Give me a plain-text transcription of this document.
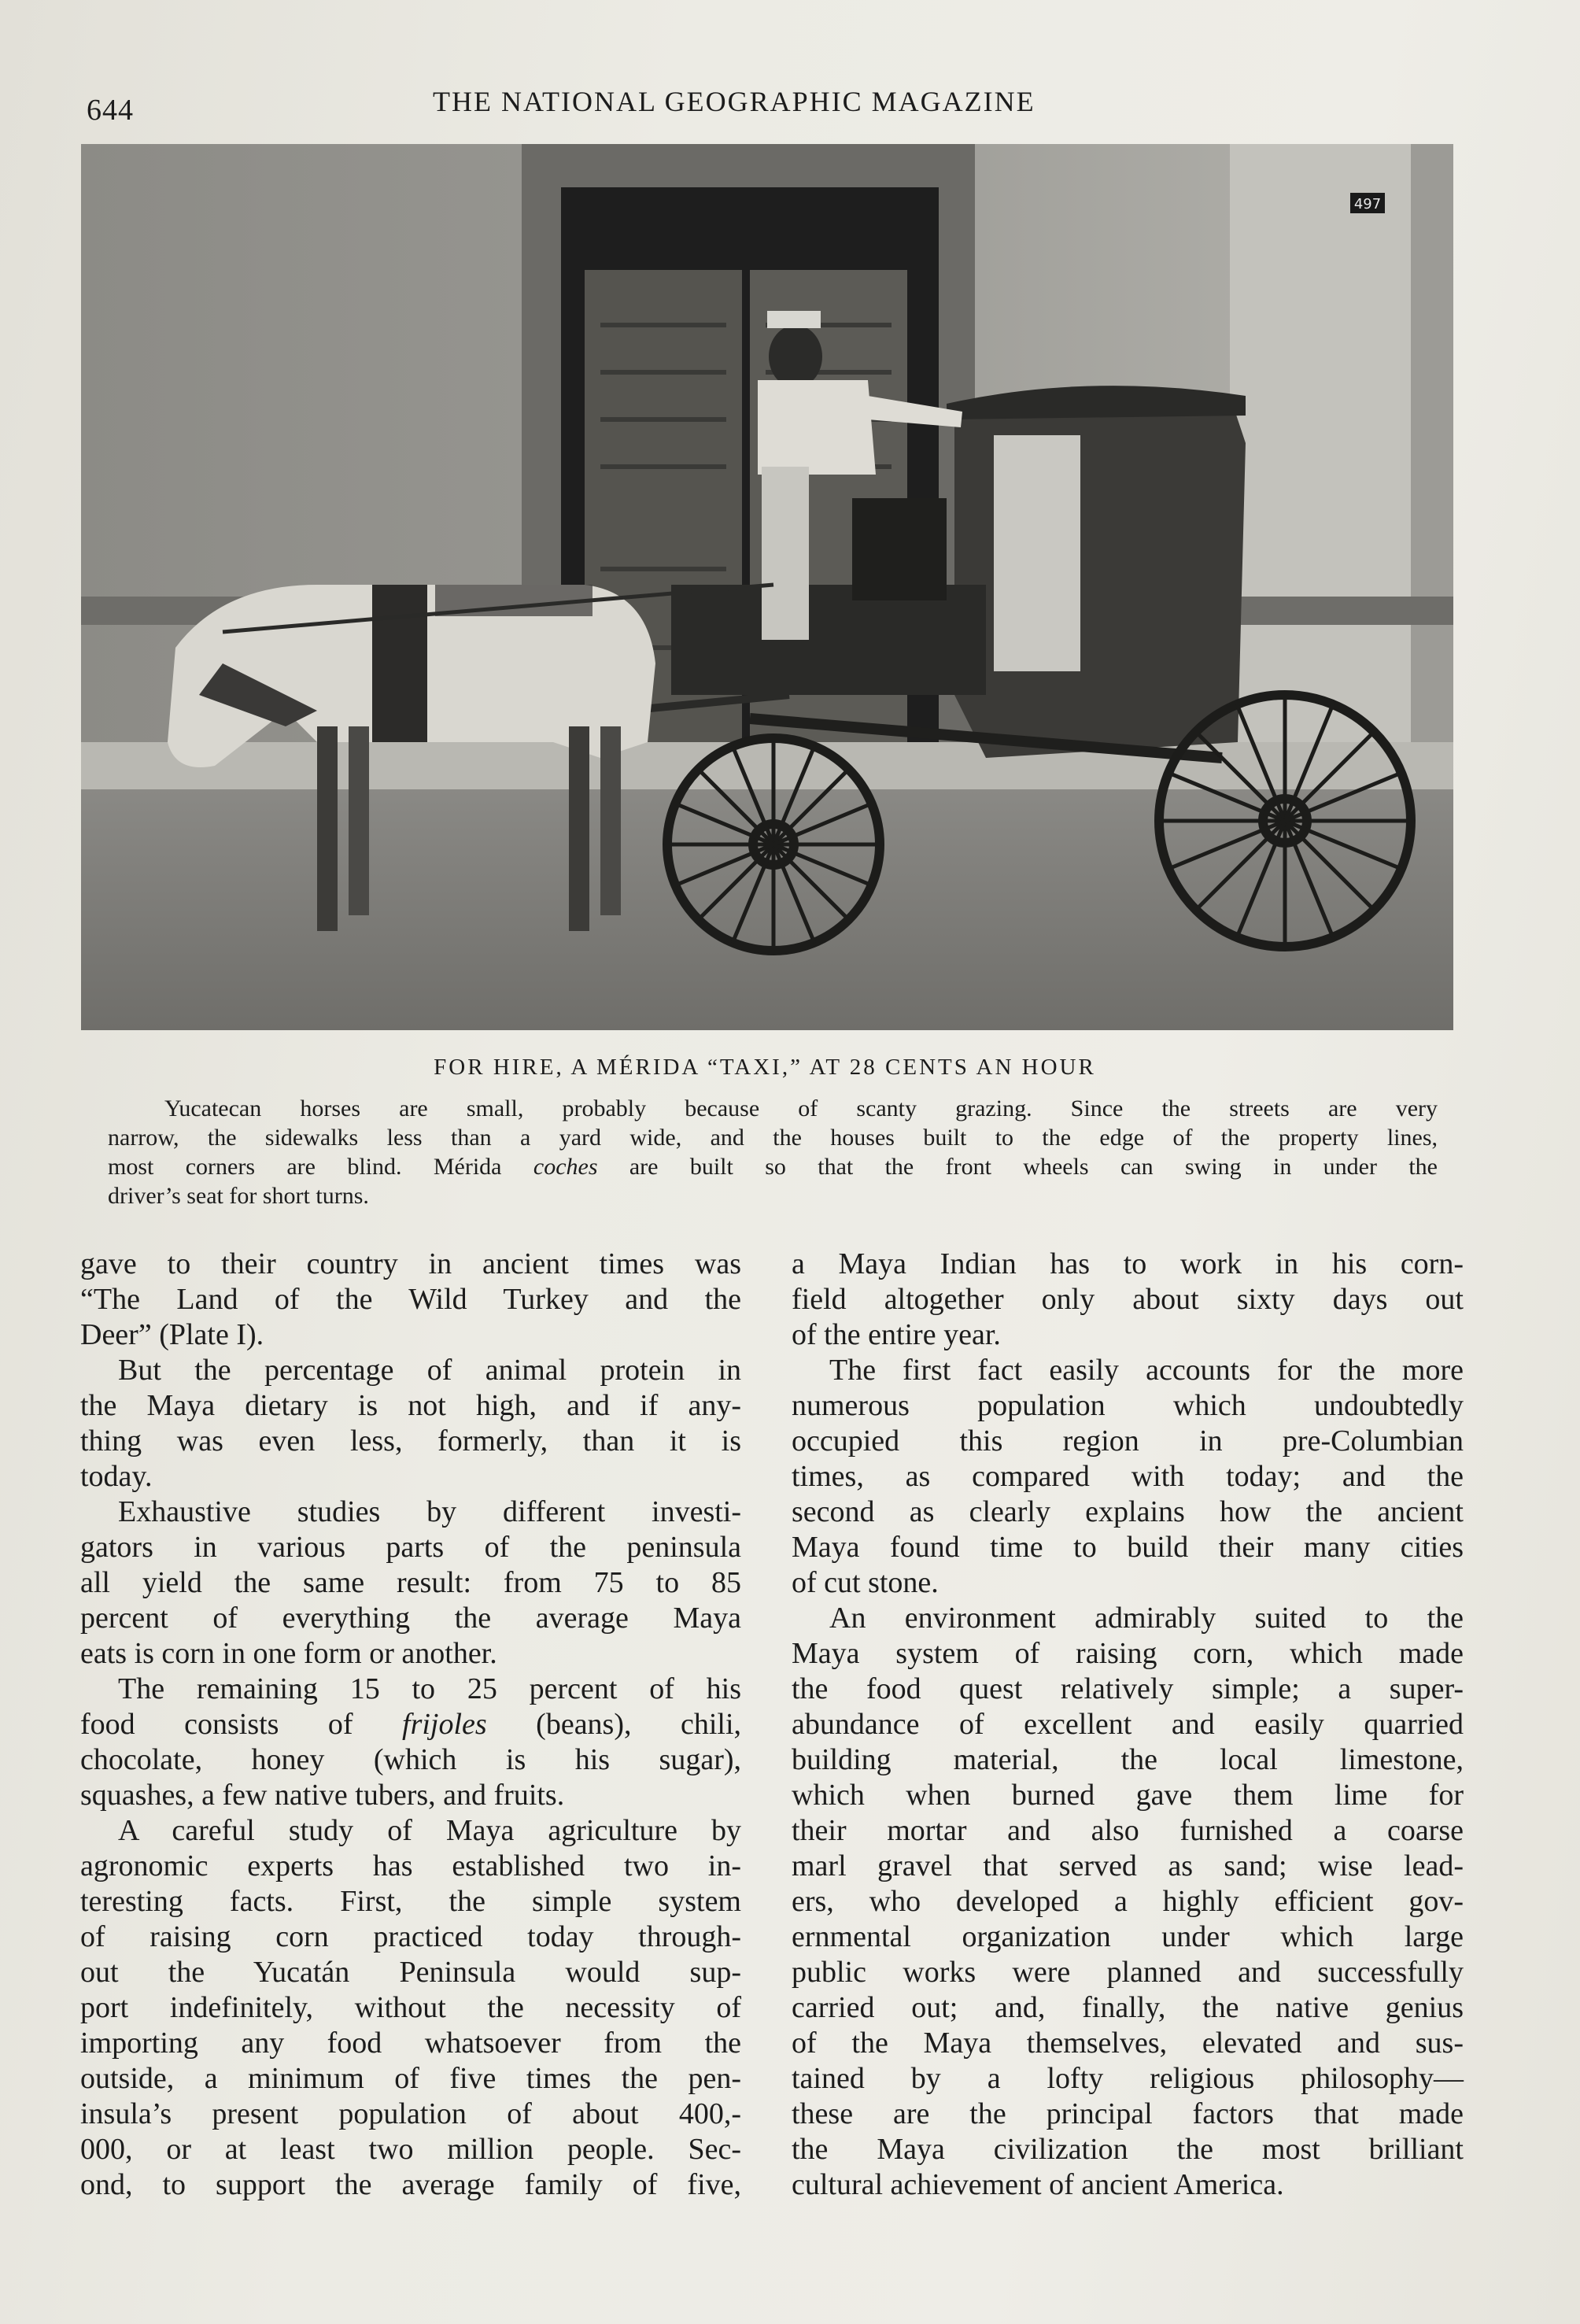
644	THE NATIONAL GEOGRAPHIC MAGAZINE
497
FOR HIRE, A MÉRIDA “TAXI,” AT 28 CENTS AN HOUR
Yucatecan horses are small, probably because of scanty grazing. Since the streets are very
narrow, the sidewalks less than a yard wide, and the houses built to the edge of the property lines,
most corners are blind. Mérida coches are built so that the front wheels can swing in under the
driver’s seat for short turns.
gave to their country in ancient times was
“The Land of the Wild Turkey and the
Deer” (Plate I).
But the percentage of animal protein in
the Maya dietary is not high, and if any-
thing was even less, formerly, than it is
today.
Exhaustive studies by different investi-
gators in various parts of the peninsula
all yield the same result: from 75 to 85
percent of everything the average Maya
eats is corn in one form or another.
The remaining 15 to 25 percent of his
food consists of frijoles (beans), chili,
chocolate, honey (which is his sugar),
squashes, a few native tubers, and fruits.
A careful study of Maya agriculture by
agronomic experts has established two in-
teresting facts. First, the simple system
of raising corn practiced today through-
out the Yucatán Peninsula would sup-
port indefinitely, without the necessity of
importing any food whatsoever from the
outside, a minimum of five times the pen-
insula’s present population of about 400,-
000, or at least two million people. Sec-
ond, to support the average family of five,
a Maya Indian has to work in his corn-
field altogether only about sixty days out
of the entire year.
The first fact easily accounts for the more
numerous population which undoubtedly
occupied this region in pre-Columbian
times, as compared with today; and the
second as clearly explains how the ancient
Maya found time to build their many cities
of cut stone.
An environment admirably suited to the
Maya system of raising corn, which made
the food quest relatively simple; a super-
abundance of excellent and easily quarried
building material, the local limestone,
which when burned gave them lime for
their mortar and also furnished a coarse
marl gravel that served as sand; wise lead-
ers, who developed a highly efficient gov-
ernmental organization under which large
public works were planned and successfully
carried out; and, finally, the native genius
of the Maya themselves, elevated and sus-
tained by a lofty religious philosophy—
these are the principal factors that made
the Maya civilization the most brilliant
cultural achievement of ancient America.
